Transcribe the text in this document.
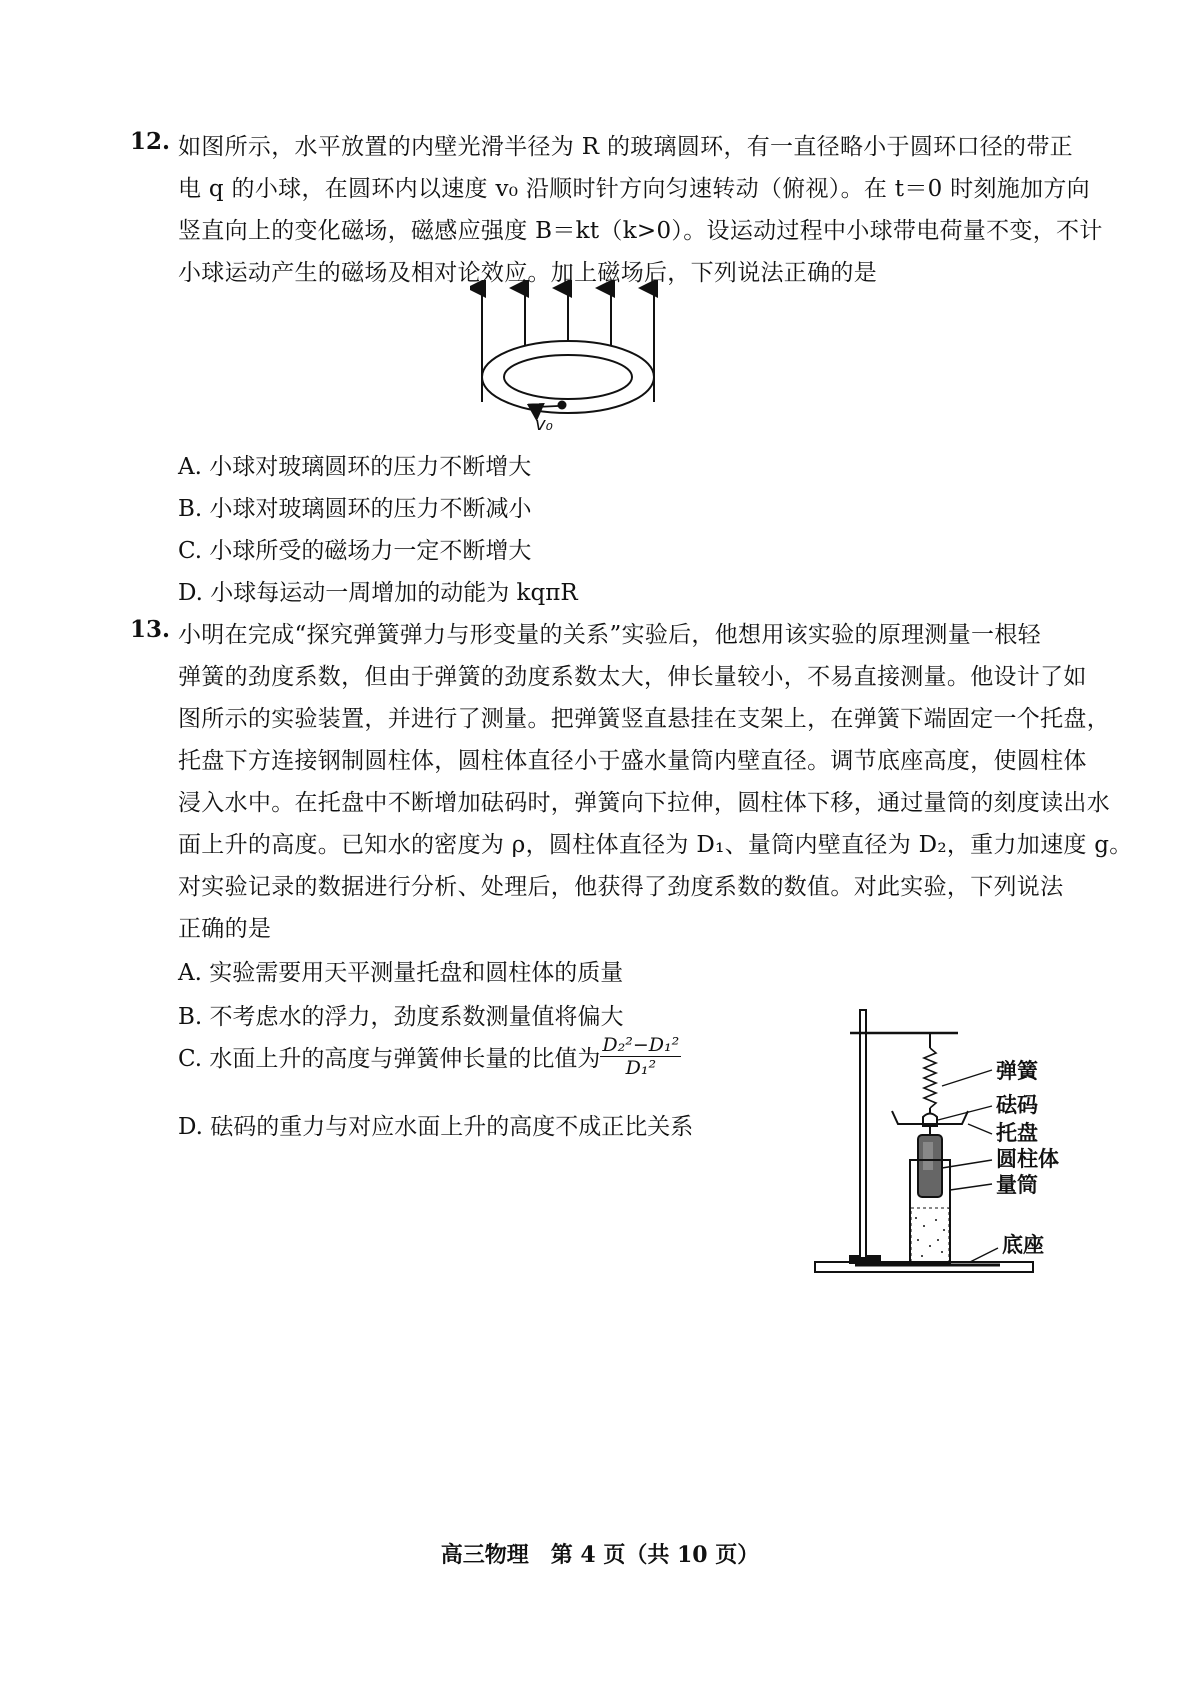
12. 如图所示，水平放置的内壁光滑半径为 R 的玻璃圆环，有一直径略小于圆环口径的带正
电 q 的小球，在圆环内以速度 v₀ 沿顺时针方向匀速转动（俯视）。在 t＝0 时刻施加方向
竖直向上的变化磁场，磁感应强度 B＝kt（k>0）。设运动过程中小球带电荷量不变，不计
小球运动产生的磁场及相对论效应。加上磁场后，下列说法正确的是
v₀
A. 小球对玻璃圆环的压力不断增大
B. 小球对玻璃圆环的压力不断减小
C. 小球所受的磁场力一定不断增大
D. 小球每运动一周增加的动能为 kqπR
13. 小明在完成“探究弹簧弹力与形变量的关系”实验后，他想用该实验的原理测量一根轻
弹簧的劲度系数，但由于弹簧的劲度系数太大，伸长量较小，不易直接测量。他设计了如
图所示的实验装置，并进行了测量。把弹簧竖直悬挂在支架上，在弹簧下端固定一个托盘，
托盘下方连接钢制圆柱体，圆柱体直径小于盛水量筒内壁直径。调节底座高度，使圆柱体
浸入水中。在托盘中不断增加砝码时，弹簧向下拉伸，圆柱体下移，通过量筒的刻度读出水
面上升的高度。已知水的密度为 ρ，圆柱体直径为 D₁、量筒内壁直径为 D₂，重力加速度 g。
对实验记录的数据进行分析、处理后，他获得了劲度系数的数值。对此实验，下列说法
正确的是
A. 实验需要用天平测量托盘和圆柱体的质量
B. 不考虑水的浮力，劲度系数测量值将偏大
C. 水面上升的高度与弹簧伸长量的比值为 $\frac{\text{D₂²−D₁²}}{\text{D₁²}}$
D. 砝码的重力与对应水面上升的高度不成正比关系
弹簧
砝码
托盘
圆柱体
量筒
底座
高三物理　第 4 页（共 10 页）
